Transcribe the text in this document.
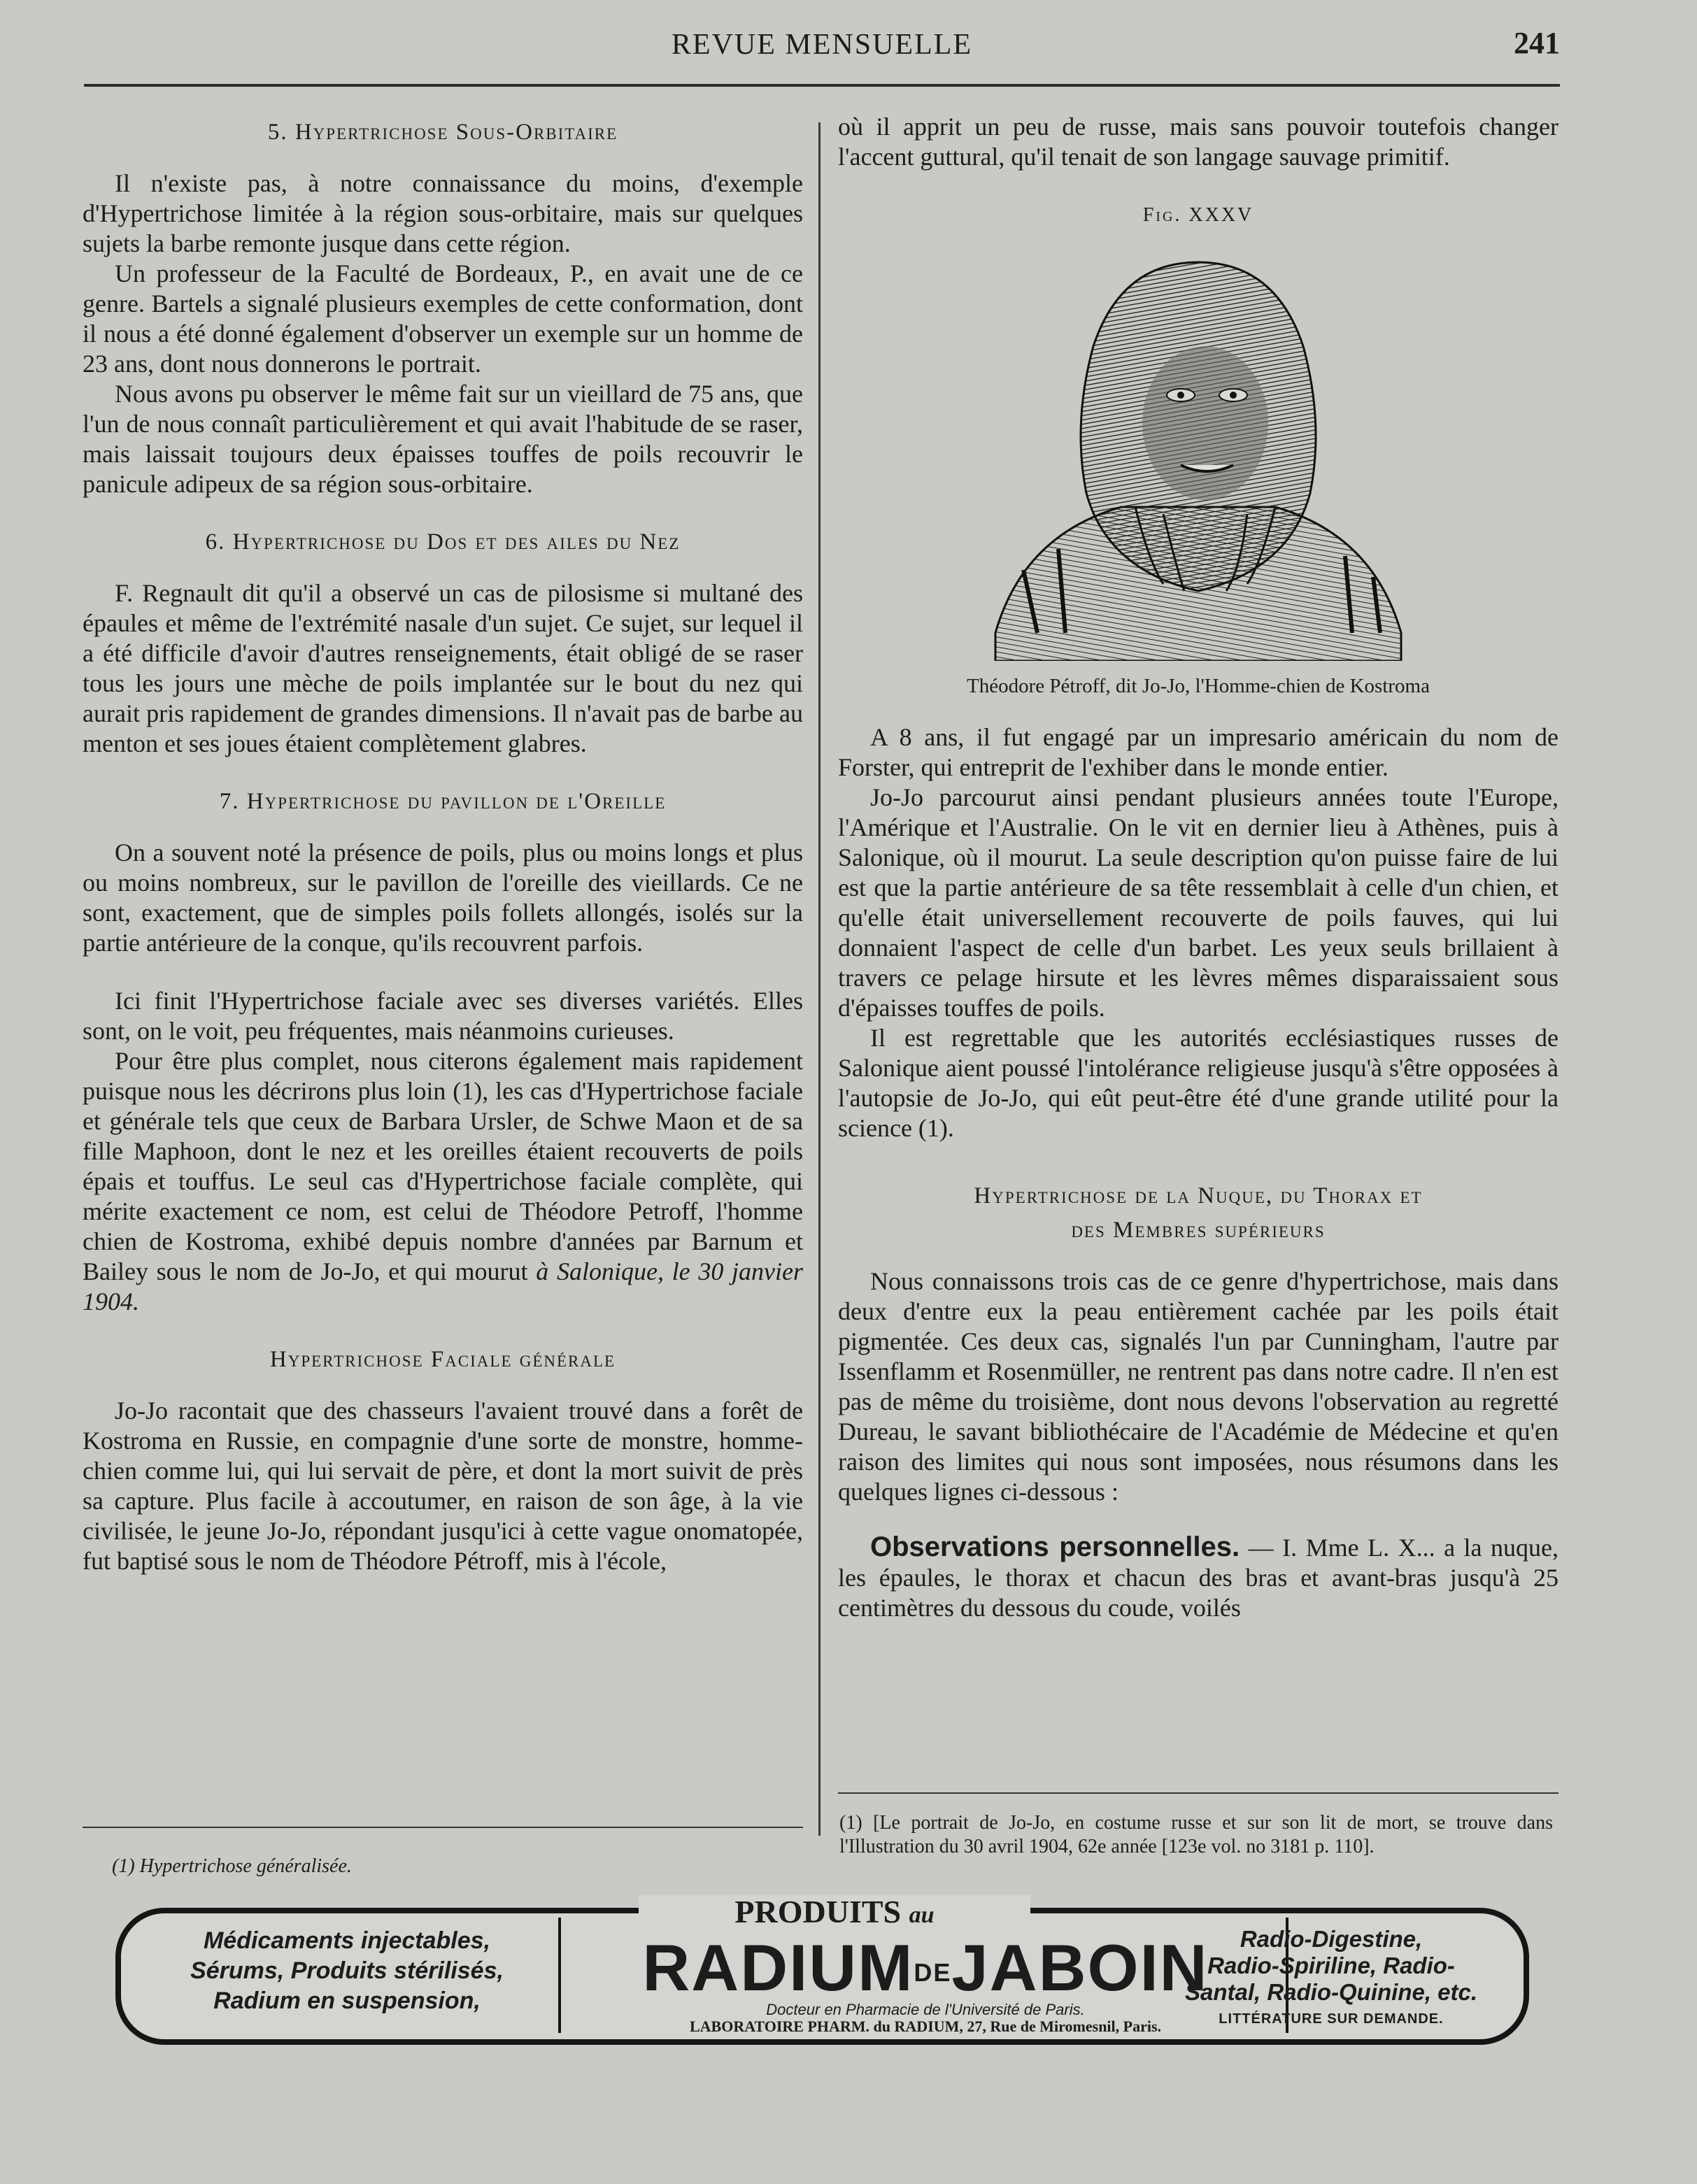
REVUE MENSUELLE	241
5. Hypertrichose Sous-Orbitaire

Il n'existe pas, à notre connaissance du moins, d'exemple d'Hypertrichose limitée à la région sous-orbitaire, mais sur quelques sujets la barbe remonte jusque dans cette région.

Un professeur de la Faculté de Bordeaux, P., en avait une de ce genre. Bartels a signalé plusieurs exemples de cette conformation, dont il nous a été donné également d'observer un exemple sur un homme de 23 ans, dont nous donnerons le portrait.

Nous avons pu observer le même fait sur un vieillard de 75 ans, que l'un de nous connaît particulièrement et qui avait l'habitude de se raser, mais laissait toujours deux épaisses touffes de poils recouvrir le panicule adipeux de sa région sous-orbitaire.

6. Hypertrichose du Dos et des ailes du Nez

F. Regnault dit qu'il a observé un cas de pilosisme si multané des épaules et même de l'extrémité nasale d'un sujet. Ce sujet, sur lequel il a été difficile d'avoir d'autres renseignements, était obligé de se raser tous les jours une mèche de poils implantée sur le bout du nez qui aurait pris rapidement de grandes dimensions. Il n'avait pas de barbe au menton et ses joues étaient complètement glabres.

7. Hypertrichose du pavillon de l'Oreille

On a souvent noté la présence de poils, plus ou moins longs et plus ou moins nombreux, sur le pavillon de l'oreille des vieillards. Ce ne sont, exactement, que de simples poils follets allongés, isolés sur la partie antérieure de la conque, qu'ils recouvrent parfois.

Ici finit l'Hypertrichose faciale avec ses diverses variétés. Elles sont, on le voit, peu fréquentes, mais néanmoins curieuses.

Pour être plus complet, nous citerons également mais rapidement puisque nous les décrirons plus loin (1), les cas d'Hypertrichose faciale et générale tels que ceux de Barbara Ursler, de Schwe Maon et de sa fille Maphoon, dont le nez et les oreilles étaient recouverts de poils épais et touffus. Le seul cas d'Hypertrichose faciale complète, qui mérite exactement ce nom, est celui de Théodore Petroff, l'homme chien de Kostroma, exhibé depuis nombre d'années par Barnum et Bailey sous le nom de Jo-Jo, et qui mourut à Salonique, le 30 janvier 1904.

Hypertrichose Faciale générale

Jo-Jo racontait que des chasseurs l'avaient trouvé dans a forêt de Kostroma en Russie, en compagnie d'une sorte de monstre, homme-chien comme lui, qui lui servait de père, et dont la mort suivit de près sa capture. Plus facile à accoutumer, en raison de son âge, à la vie civilisée, le jeune Jo-Jo, répondant jusqu'ici à cette vague onomatopée, fut baptisé sous le nom de Théodore Pétroff, mis à l'école,

(1) Hypertrichose généralisée.

où il apprit un peu de russe, mais sans pouvoir toutefois changer l'accent guttural, qu'il tenait de son langage sauvage primitif.

Fig. XXXV
Théodore Pétroff, dit Jo-Jo, l'Homme-chien de Kostroma

A 8 ans, il fut engagé par un impresario américain du nom de Forster, qui entreprit de l'exhiber dans le monde entier.

Jo-Jo parcourut ainsi pendant plusieurs années toute l'Europe, l'Amérique et l'Australie. On le vit en dernier lieu à Athènes, puis à Salonique, où il mourut. La seule description qu'on puisse faire de lui est que la partie antérieure de sa tête ressemblait à celle d'un chien, et qu'elle était universellement recouverte de poils fauves, qui lui donnaient l'aspect de celle d'un barbet. Les yeux seuls brillaient à travers ce pelage hirsute et les lèvres mêmes disparaissaient sous d'épaisses touffes de poils.

Il est regrettable que les autorités ecclésiastiques russes de Salonique aient poussé l'intolérance religieuse jusqu'à s'être opposées à l'autopsie de Jo-Jo, qui eût peut-être été d'une grande utilité pour la science (1).

Hypertrichose de la Nuque, du Thorax et
des Membres supérieurs

Nous connaissons trois cas de ce genre d'hypertrichose, mais dans deux d'entre eux la peau entièrement cachée par les poils était pigmentée. Ces deux cas, signalés l'un par Cunningham, l'autre par Issenflamm et Rosenmüller, ne rentrent pas dans notre cadre. Il n'en est pas de même du troisième, dont nous devons l'observation au regretté Dureau, le savant bibliothécaire de l'Académie de Médecine et qu'en raison des limites qui nous sont imposées, nous résumons dans les quelques lignes ci-dessous :

Observations personnelles. — I. Mme L. X... a la nuque, les épaules, le thorax et chacun des bras et avant-bras jusqu'à 25 centimètres du dessous du coude, voilés

(1) [Le portrait de Jo-Jo, en costume russe et sur son lit de mort, se trouve dans l'Illustration du 30 avril 1904, 62e année [123e vol. no 3181 p. 110].
PRODUITS au
Médicaments injectables,
Sérums, Produits stérilisés,
Radium en suspension,	RADIUMDEJABOIN
Docteur en Pharmacie de l'Université de Paris.
LABORATOIRE PHARM. du RADIUM, 27, Rue de Miromesnil, Paris.
Radio-Digestine,
Radio-Spiriline, Radio-
Santal, Radio-Quinine, etc.
LITTÉRATURE SUR DEMANDE.
